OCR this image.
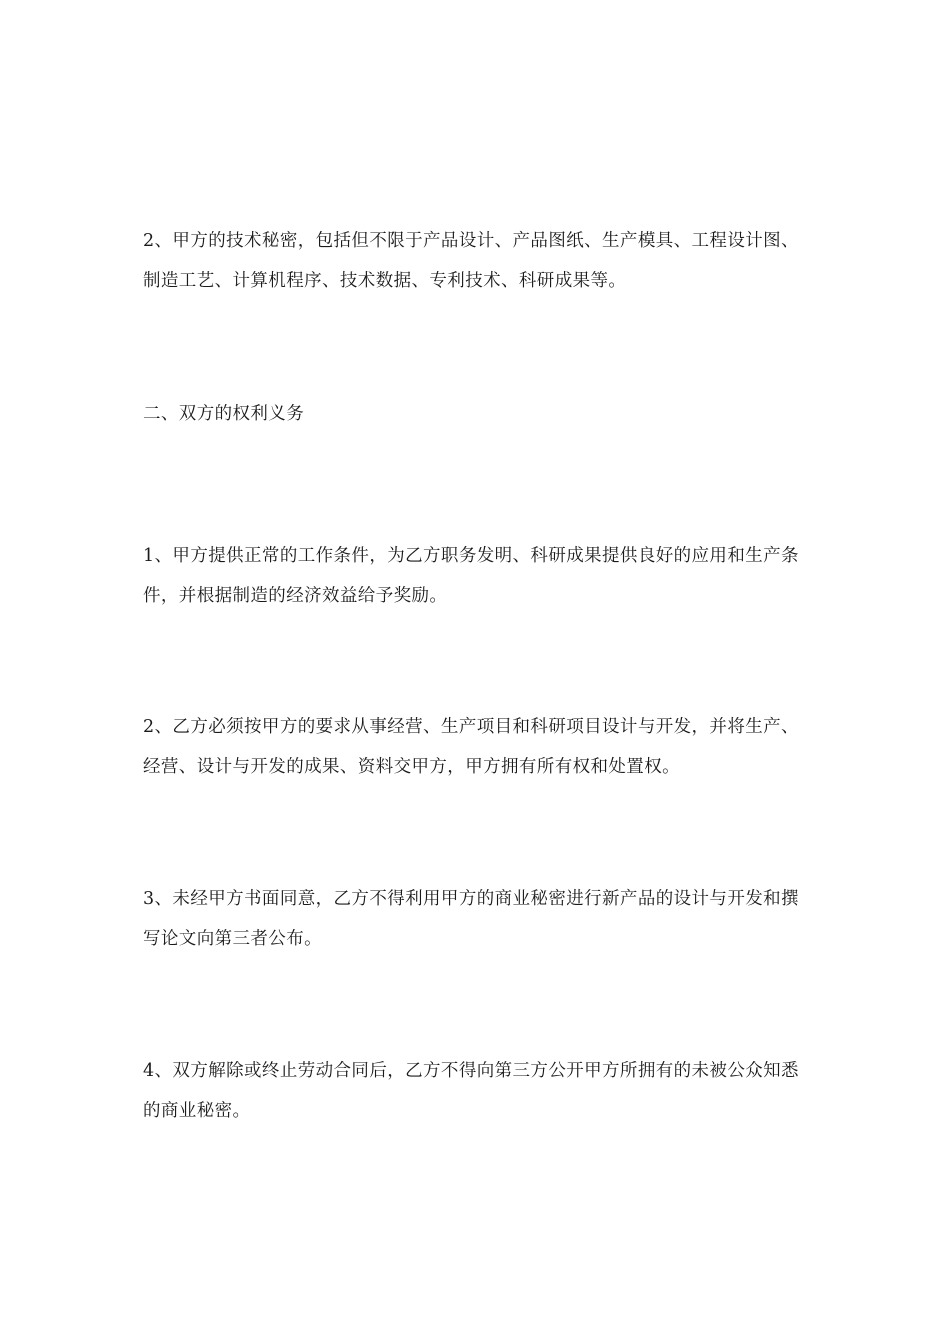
2、甲方的技术秘密，包括但不限于产品设计、产品图纸、生产模具、工程设计图、制造工艺、计算机程序、技术数据、专利技术、科研成果等。

二、双方的权利义务

1、甲方提供正常的工作条件，为乙方职务发明、科研成果提供良好的应用和生产条件，并根据制造的经济效益给予奖励。

2、乙方必须按甲方的要求从事经营、生产项目和科研项目设计与开发，并将生产、经营、设计与开发的成果、资料交甲方，甲方拥有所有权和处置权。

3、未经甲方书面同意，乙方不得利用甲方的商业秘密进行新产品的设计与开发和撰写论文向第三者公布。

4、双方解除或终止劳动合同后，乙方不得向第三方公开甲方所拥有的未被公众知悉的商业秘密。
